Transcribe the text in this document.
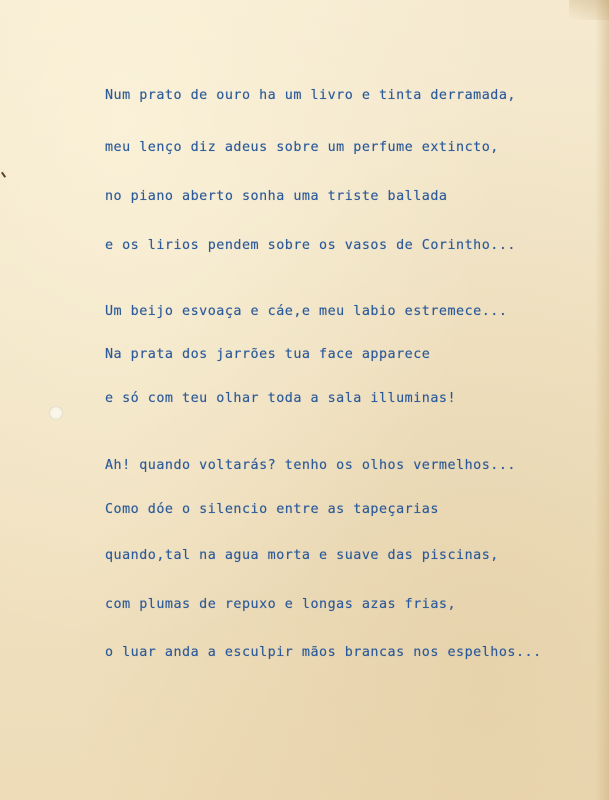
Num prato de ouro ha um livro e tinta derramada,
meu lenço diz adeus sobre um perfume extincto,
no piano aberto sonha uma triste ballada
e os lirios pendem sobre os vasos de Corintho...
Um beijo esvoaça e cáe,e meu labio estremece...
Na prata dos jarrões tua face apparece
e só com teu olhar toda a sala illuminas!
Ah! quando voltarás? tenho os olhos vermelhos...
Como dóe o silencio entre as tapeçarias
quando,tal na agua morta e suave das piscinas,
com plumas de repuxo e longas azas frias,
o luar anda a esculpir mãos brancas nos espelhos...
